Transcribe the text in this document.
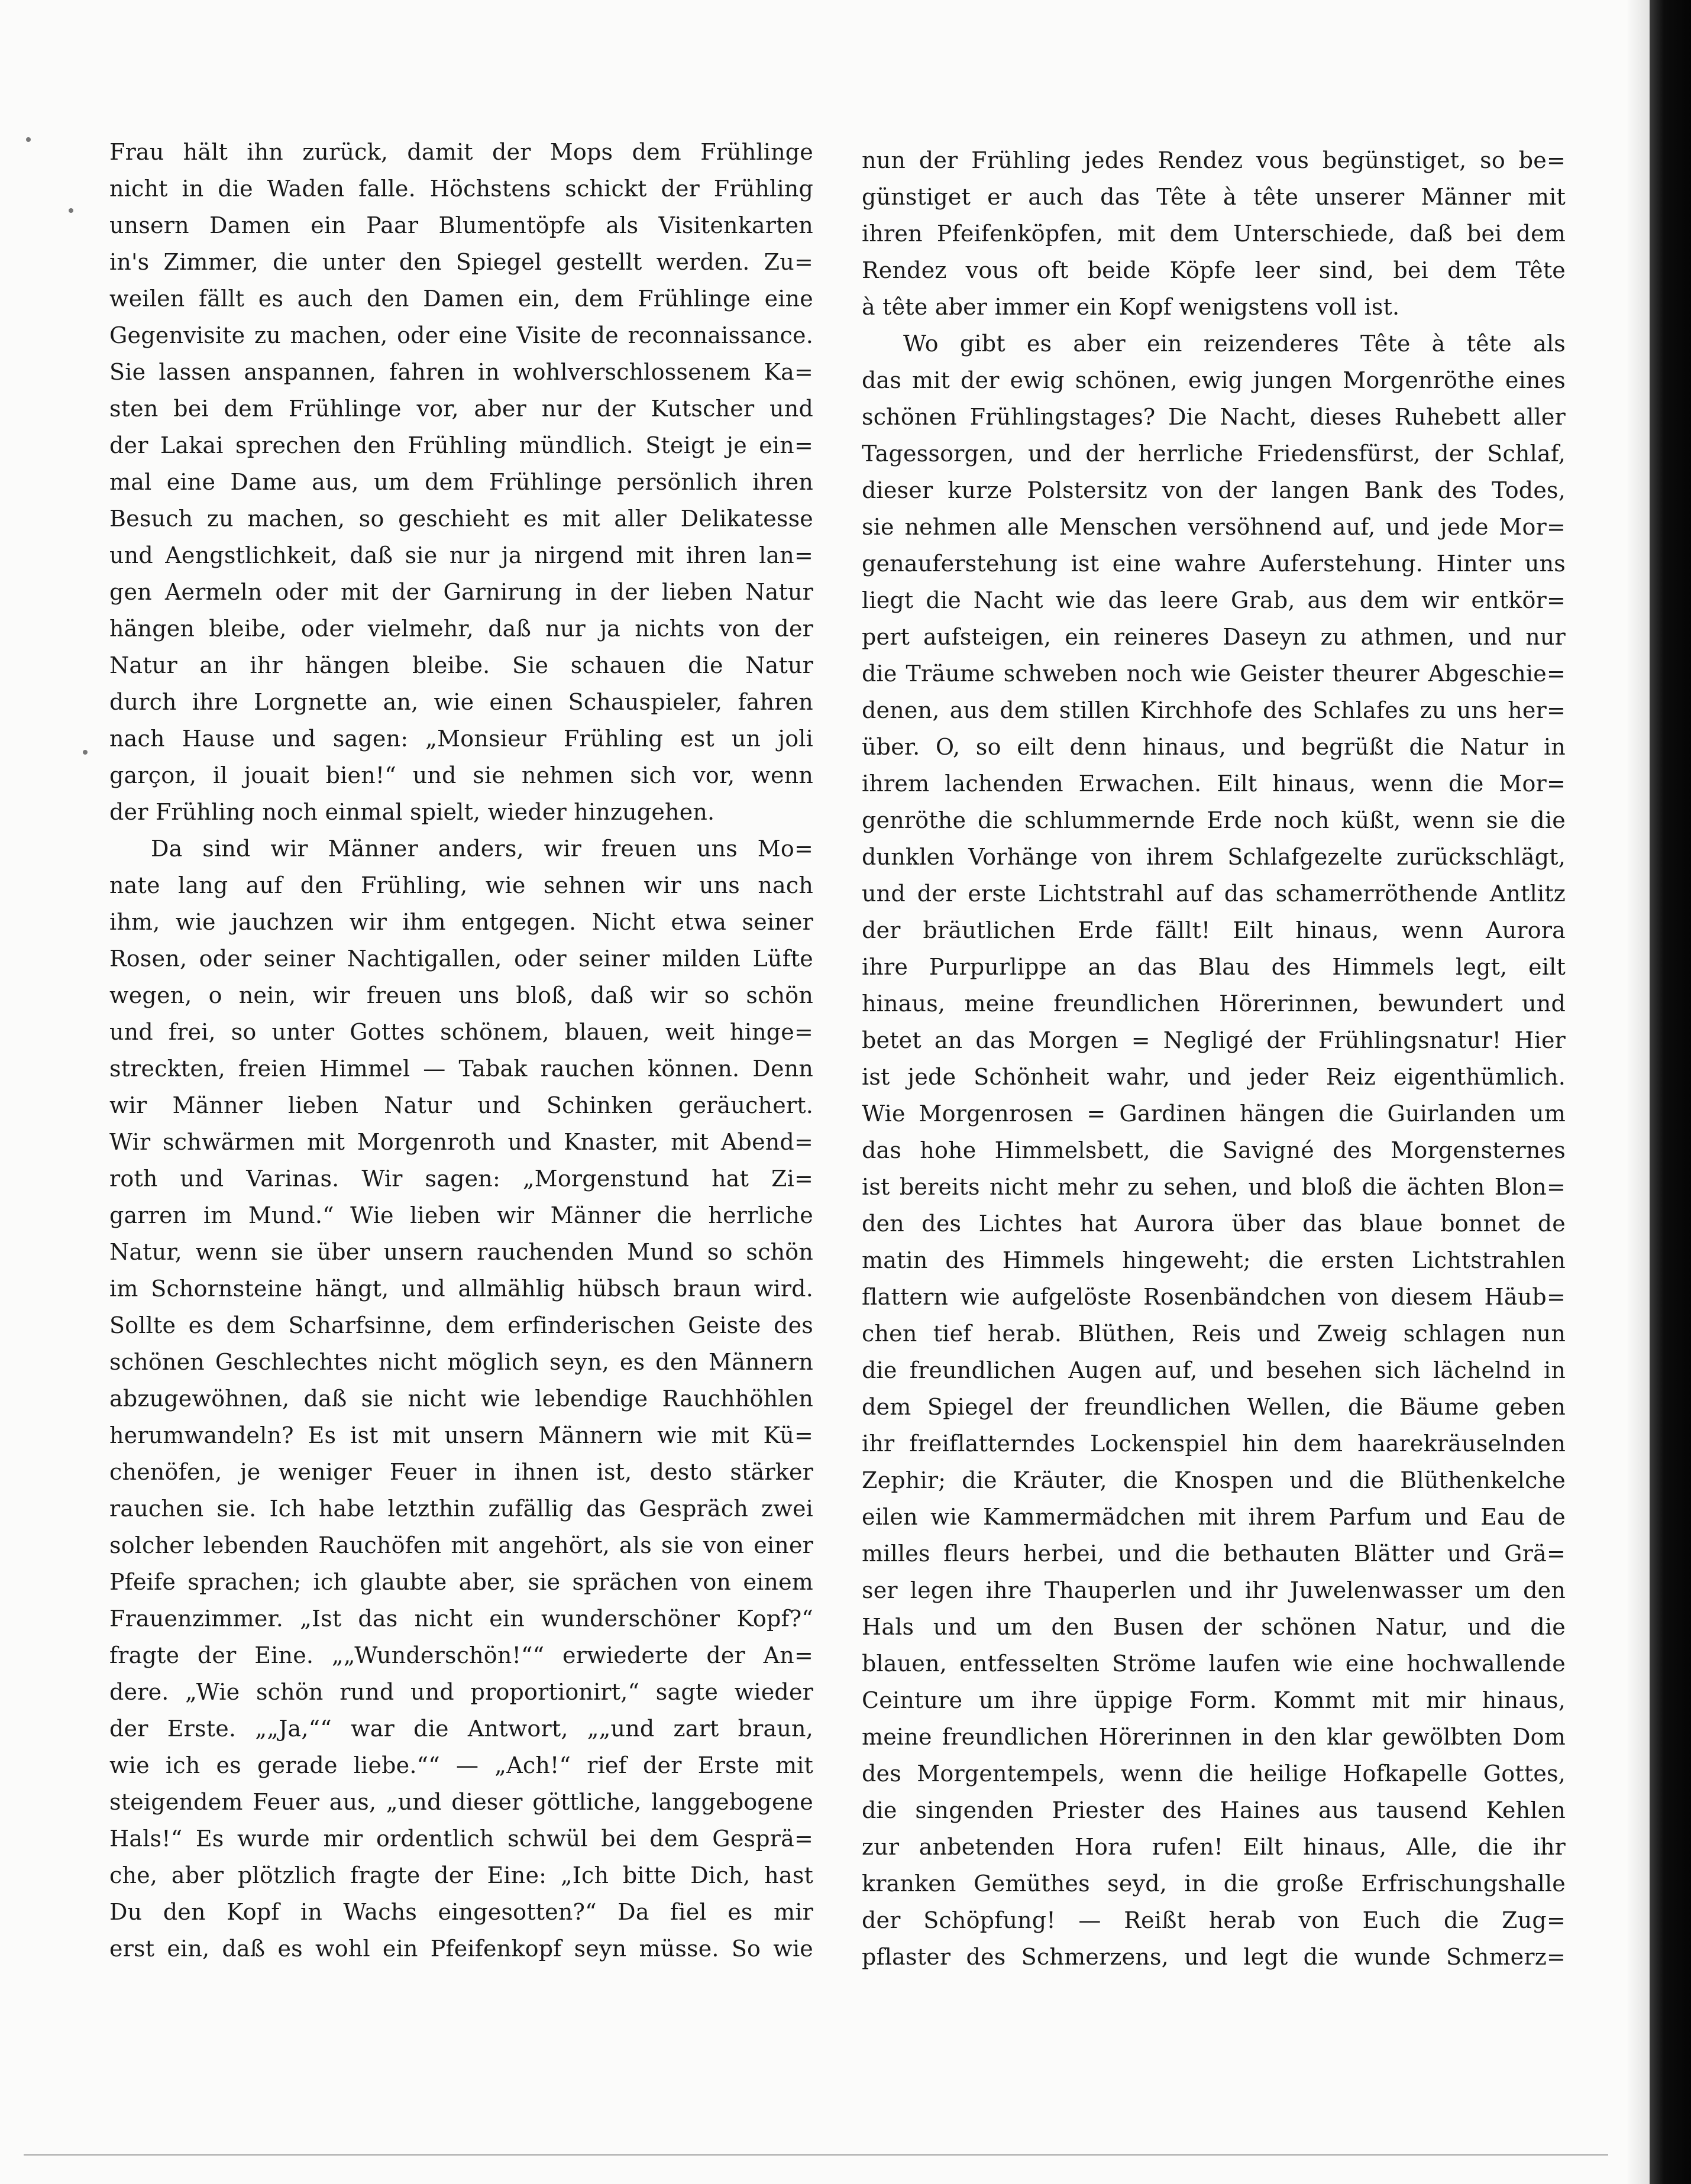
Frau hält ihn zurück, damit der Mops dem Frühlinge
nicht in die Waden falle. Höchstens schickt der Frühling
unsern Damen ein Paar Blumentöpfe als Visitenkarten
in's Zimmer, die unter den Spiegel gestellt werden. Zu=
weilen fällt es auch den Damen ein, dem Frühlinge eine
Gegenvisite zu machen, oder eine Visite de reconnaissance.
Sie lassen anspannen, fahren in wohlverschlossenem Ka=
sten bei dem Frühlinge vor, aber nur der Kutscher und
der Lakai sprechen den Frühling mündlich. Steigt je ein=
mal eine Dame aus, um dem Frühlinge persönlich ihren
Besuch zu machen, so geschieht es mit aller Delikatesse
und Aengstlichkeit, daß sie nur ja nirgend mit ihren lan=
gen Aermeln oder mit der Garnirung in der lieben Natur
hängen bleibe, oder vielmehr, daß nur ja nichts von der
Natur an ihr hängen bleibe. Sie schauen die Natur
durch ihre Lorgnette an, wie einen Schauspieler, fahren
nach Hause und sagen: „Monsieur Frühling est un joli
garçon, il jouait bien!“ und sie nehmen sich vor, wenn
der Frühling noch einmal spielt, wieder hinzugehen.
Da sind wir Männer anders, wir freuen uns Mo=
nate lang auf den Frühling, wie sehnen wir uns nach
ihm, wie jauchzen wir ihm entgegen. Nicht etwa seiner
Rosen, oder seiner Nachtigallen, oder seiner milden Lüfte
wegen, o nein, wir freuen uns bloß, daß wir so schön
und frei, so unter Gottes schönem, blauen, weit hinge=
streckten, freien Himmel — Tabak rauchen können. Denn
wir Männer lieben Natur und Schinken geräuchert.
Wir schwärmen mit Morgenroth und Knaster, mit Abend=
roth und Varinas. Wir sagen: „Morgenstund hat Zi=
garren im Mund.“ Wie lieben wir Männer die herrliche
Natur, wenn sie über unsern rauchenden Mund so schön
im Schornsteine hängt, und allmählig hübsch braun wird.
Sollte es dem Scharfsinne, dem erfinderischen Geiste des
schönen Geschlechtes nicht möglich seyn, es den Männern
abzugewöhnen, daß sie nicht wie lebendige Rauchhöhlen
herumwandeln? Es ist mit unsern Männern wie mit Kü=
chenöfen, je weniger Feuer in ihnen ist, desto stärker
rauchen sie. Ich habe letzthin zufällig das Gespräch zwei
solcher lebenden Rauchöfen mit angehört, als sie von einer
Pfeife sprachen; ich glaubte aber, sie sprächen von einem
Frauenzimmer. „Ist das nicht ein wunderschöner Kopf?“
fragte der Eine. „„Wunderschön!““ erwiederte der An=
dere. „Wie schön rund und proportionirt,“ sagte wieder
der Erste. „„Ja,““ war die Antwort, „„und zart braun,
wie ich es gerade liebe.““ — „Ach!“ rief der Erste mit
steigendem Feuer aus, „und dieser göttliche, langgebogene
Hals!“ Es wurde mir ordentlich schwül bei dem Gesprä=
che, aber plötzlich fragte der Eine: „Ich bitte Dich, hast
Du den Kopf in Wachs eingesotten?“ Da fiel es mir
erst ein, daß es wohl ein Pfeifenkopf seyn müsse. So wie
nun der Frühling jedes Rendez vous begünstiget, so be=
günstiget er auch das Tête à tête unserer Männer mit
ihren Pfeifenköpfen, mit dem Unterschiede, daß bei dem
Rendez vous oft beide Köpfe leer sind, bei dem Tête
à tête aber immer ein Kopf wenigstens voll ist.
Wo gibt es aber ein reizenderes Tête à tête als
das mit der ewig schönen, ewig jungen Morgenröthe eines
schönen Frühlingstages? Die Nacht, dieses Ruhebett aller
Tagessorgen, und der herrliche Friedensfürst, der Schlaf,
dieser kurze Polstersitz von der langen Bank des Todes,
sie nehmen alle Menschen versöhnend auf, und jede Mor=
genauferstehung ist eine wahre Auferstehung. Hinter uns
liegt die Nacht wie das leere Grab, aus dem wir entkör=
pert aufsteigen, ein reineres Daseyn zu athmen, und nur
die Träume schweben noch wie Geister theurer Abgeschie=
denen, aus dem stillen Kirchhofe des Schlafes zu uns her=
über. O, so eilt denn hinaus, und begrüßt die Natur in
ihrem lachenden Erwachen. Eilt hinaus, wenn die Mor=
genröthe die schlummernde Erde noch küßt, wenn sie die
dunklen Vorhänge von ihrem Schlafgezelte zurückschlägt,
und der erste Lichtstrahl auf das schamerröthende Antlitz
der bräutlichen Erde fällt! Eilt hinaus, wenn Aurora
ihre Purpurlippe an das Blau des Himmels legt, eilt
hinaus, meine freundlichen Hörerinnen, bewundert und
betet an das Morgen = Negligé der Frühlingsnatur! Hier
ist jede Schönheit wahr, und jeder Reiz eigenthümlich.
Wie Morgenrosen = Gardinen hängen die Guirlanden um
das hohe Himmelsbett, die Savigné des Morgensternes
ist bereits nicht mehr zu sehen, und bloß die ächten Blon=
den des Lichtes hat Aurora über das blaue bonnet de
matin des Himmels hingeweht; die ersten Lichtstrahlen
flattern wie aufgelöste Rosenbändchen von diesem Häub=
chen tief herab. Blüthen, Reis und Zweig schlagen nun
die freundlichen Augen auf, und besehen sich lächelnd in
dem Spiegel der freundlichen Wellen, die Bäume geben
ihr freiflatterndes Lockenspiel hin dem haarekräuselnden
Zephir; die Kräuter, die Knospen und die Blüthenkelche
eilen wie Kammermädchen mit ihrem Parfum und Eau de
milles fleurs herbei, und die bethauten Blätter und Grä=
ser legen ihre Thauperlen und ihr Juwelenwasser um den
Hals und um den Busen der schönen Natur, und die
blauen, entfesselten Ströme laufen wie eine hochwallende
Ceinture um ihre üppige Form. Kommt mit mir hinaus,
meine freundlichen Hörerinnen in den klar gewölbten Dom
des Morgentempels, wenn die heilige Hofkapelle Gottes,
die singenden Priester des Haines aus tausend Kehlen
zur anbetenden Hora rufen! Eilt hinaus, Alle, die ihr
kranken Gemüthes seyd, in die große Erfrischungshalle
der Schöpfung! — Reißt herab von Euch die Zug=
pflaster des Schmerzens, und legt die wunde Schmerz=
